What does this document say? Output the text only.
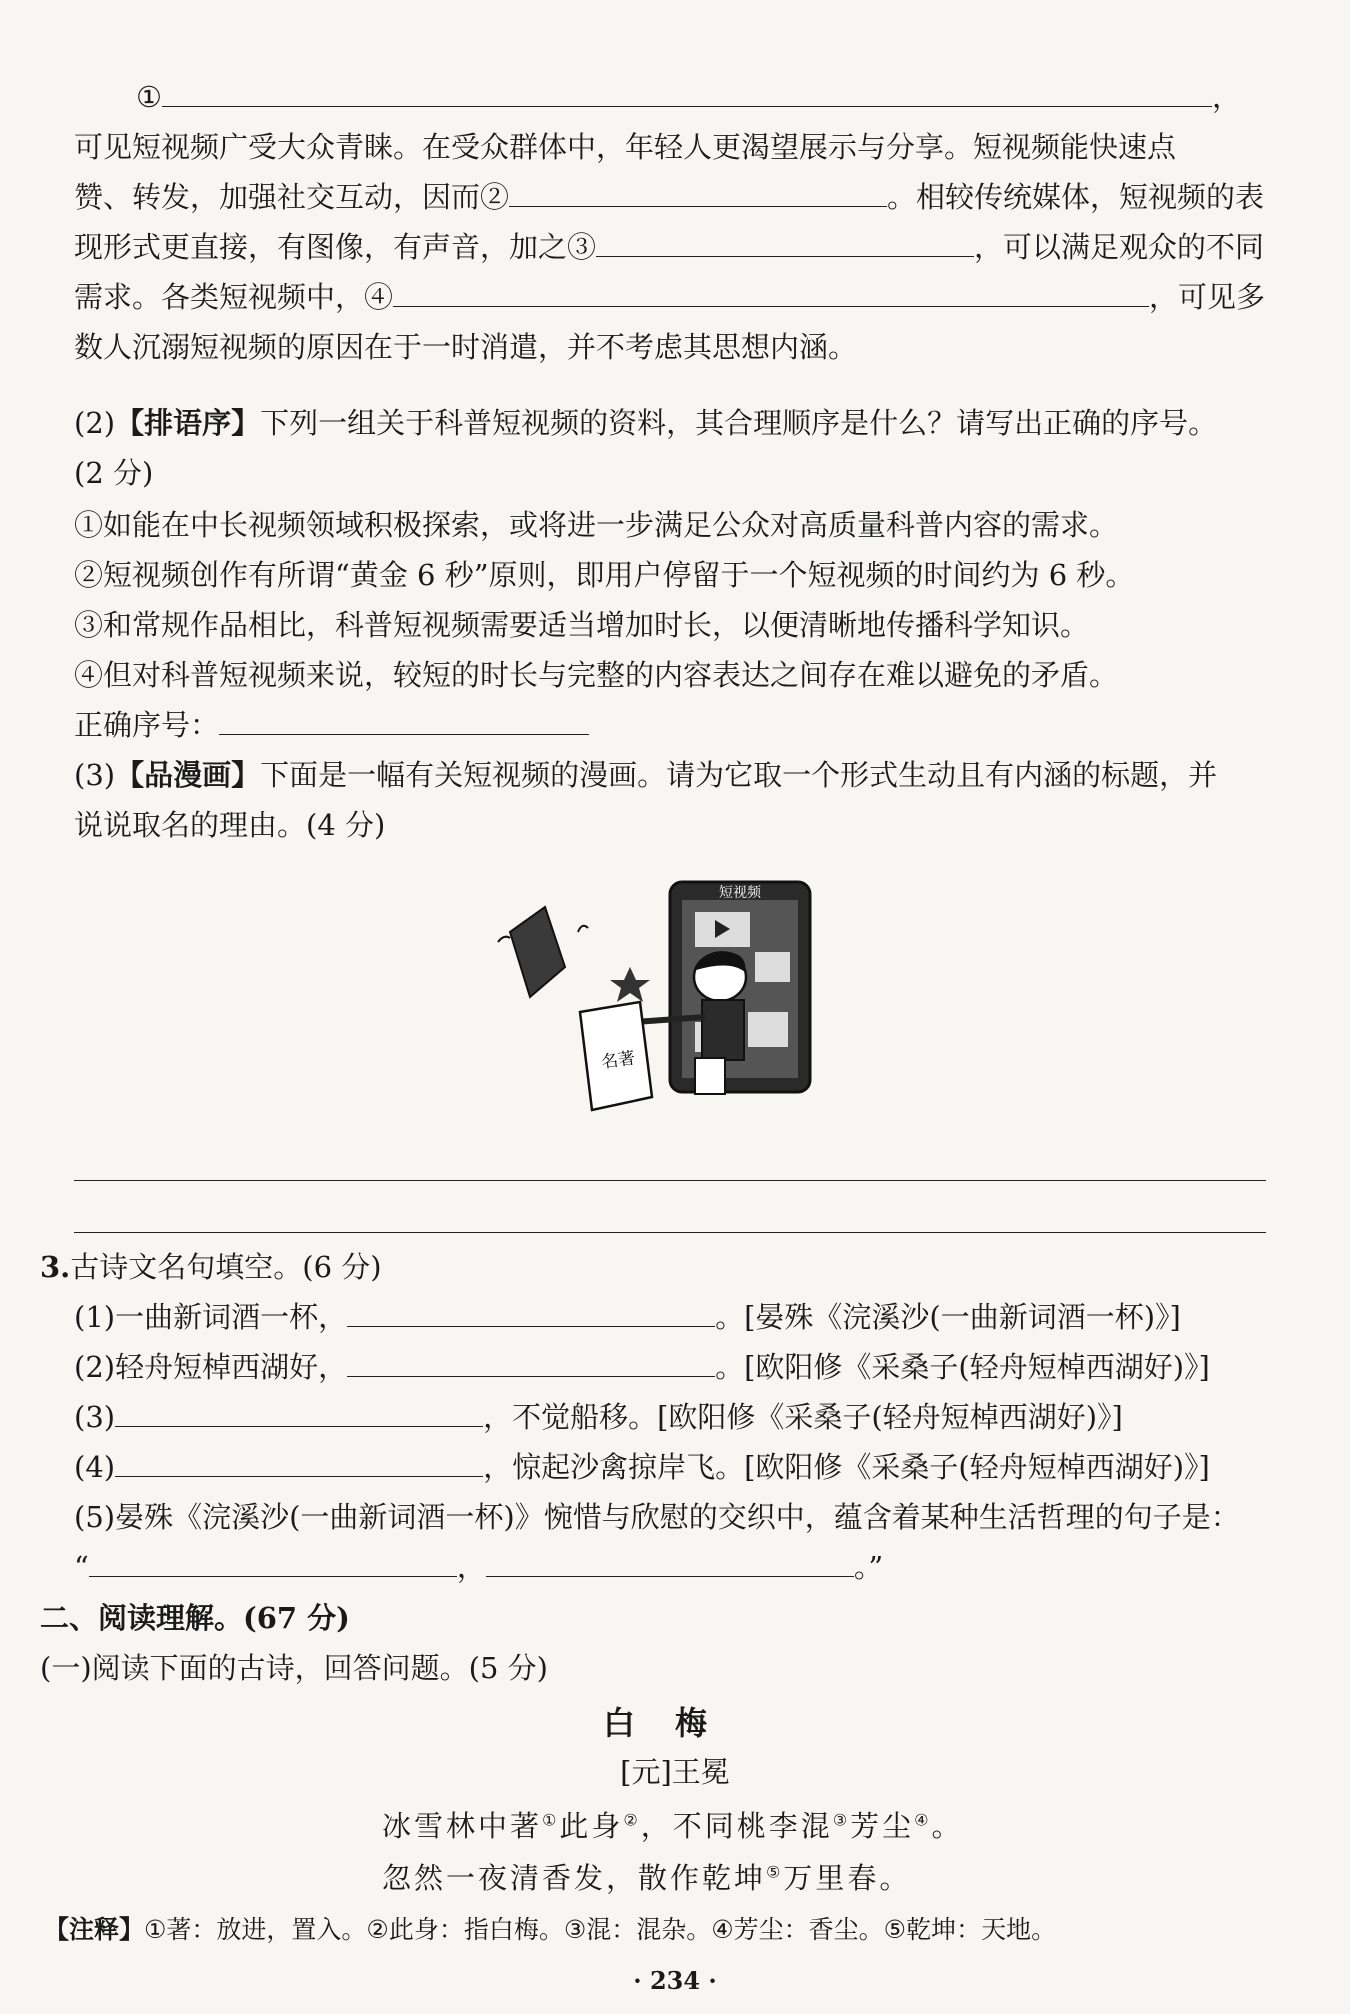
①	，
可见短视频广受大众青睐。在受众群体中，年轻人更渴望展示与分享。短视频能快速点
赞、转发，加强社交互动，因而②	。相较传统媒体，短视频的表
现形式更直接，有图像，有声音，加之③	，可以满足观众的不同
需求。各类短视频中，④	，可见多
数人沉溺短视频的原因在于一时消遣，并不考虑其思想内涵。
(2)【排语序】下列一组关于科普短视频的资料，其合理顺序是什么？请写出正确的序号。
(2 分)
①如能在中长视频领域积极探索，或将进一步满足公众对高质量科普内容的需求。
②短视频创作有所谓“黄金 6 秒”原则，即用户停留于一个短视频的时间约为 6 秒。
③和常规作品相比，科普短视频需要适当增加时长，以便清晰地传播科学知识。
④但对科普短视频来说，较短的时长与完整的内容表达之间存在难以避免的矛盾。
正确序号：
(3)【品漫画】下面是一幅有关短视频的漫画。请为它取一个形式生动且有内涵的标题，并
说说取名的理由。(4 分)
短视频
名著
3.古诗文名句填空。(6 分)
(1)一曲新词酒一杯，	。[晏殊《浣溪沙(一曲新词酒一杯)》]
(2)轻舟短棹西湖好，	。[欧阳修《采桑子(轻舟短棹西湖好)》]
(3)	，不觉船移。[欧阳修《采桑子(轻舟短棹西湖好)》]
(4)	，惊起沙禽掠岸飞。[欧阳修《采桑子(轻舟短棹西湖好)》]
(5)晏殊《浣溪沙(一曲新词酒一杯)》惋惜与欣慰的交织中，蕴含着某种生活哲理的句子是：
“	，	。”
二、阅读理解。(67 分)
(一)阅读下面的古诗，回答问题。(5 分)
白梅
[元]王冕
冰雪林中著①此身②，不同桃李混③芳尘④。
忽然一夜清香发，散作乾坤⑤万里春。
【注释】①著：放进，置入。②此身：指白梅。③混：混杂。④芳尘：香尘。⑤乾坤：天地。
· 234 ·
